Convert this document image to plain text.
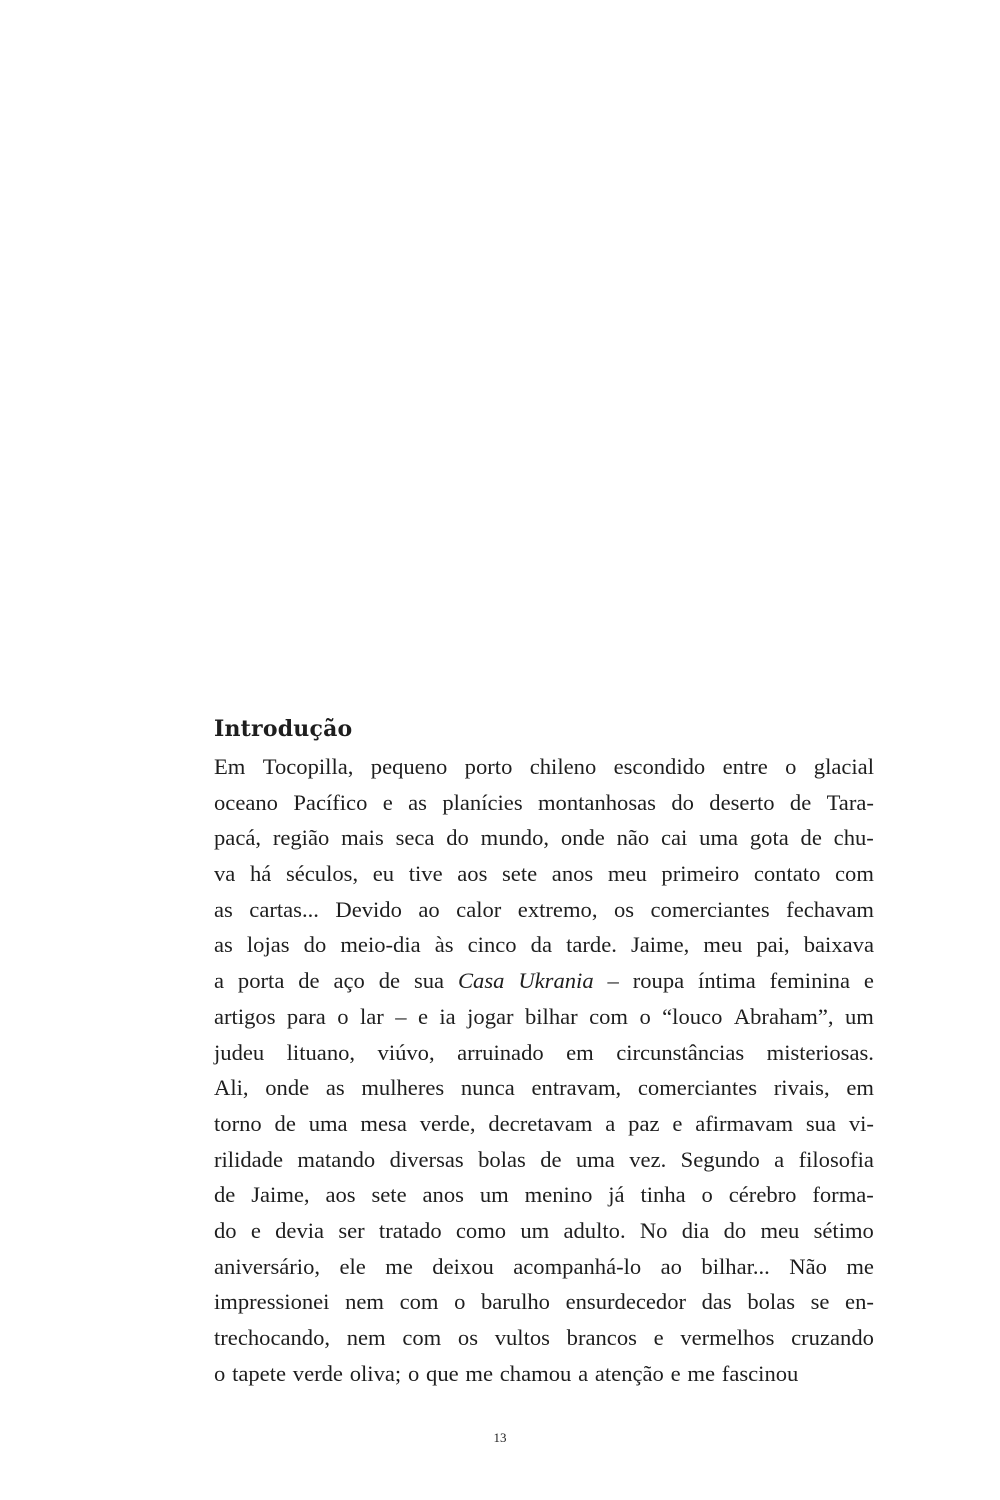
Introdução
Em Tocopilla, pequeno porto chileno escondido entre o glacial
oceano Pacífico e as planícies montanhosas do deserto de Tara-
pacá, região mais seca do mundo, onde não cai uma gota de chu-
va há séculos, eu tive aos sete anos meu primeiro contato com
as cartas... Devido ao calor extremo, os comerciantes fechavam
as lojas do meio-dia às cinco da tarde. Jaime, meu pai, baixava
a porta de aço de sua Casa Ukrania – roupa íntima feminina e
artigos para o lar – e ia jogar bilhar com o “louco Abraham”, um
judeu lituano, viúvo, arruinado em circunstâncias misteriosas.
Ali, onde as mulheres nunca entravam, comerciantes rivais, em
torno de uma mesa verde, decretavam a paz e afirmavam sua vi-
rilidade matando diversas bolas de uma vez. Segundo a filosofia
de Jaime, aos sete anos um menino já tinha o cérebro forma-
do e devia ser tratado como um adulto. No dia do meu sétimo
aniversário, ele me deixou acompanhá-lo ao bilhar... Não me
impressionei nem com o barulho ensurdecedor das bolas se en-
trechocando, nem com os vultos brancos e vermelhos cruzando
o tapete verde oliva; o que me chamou a atenção e me fascinou

13
